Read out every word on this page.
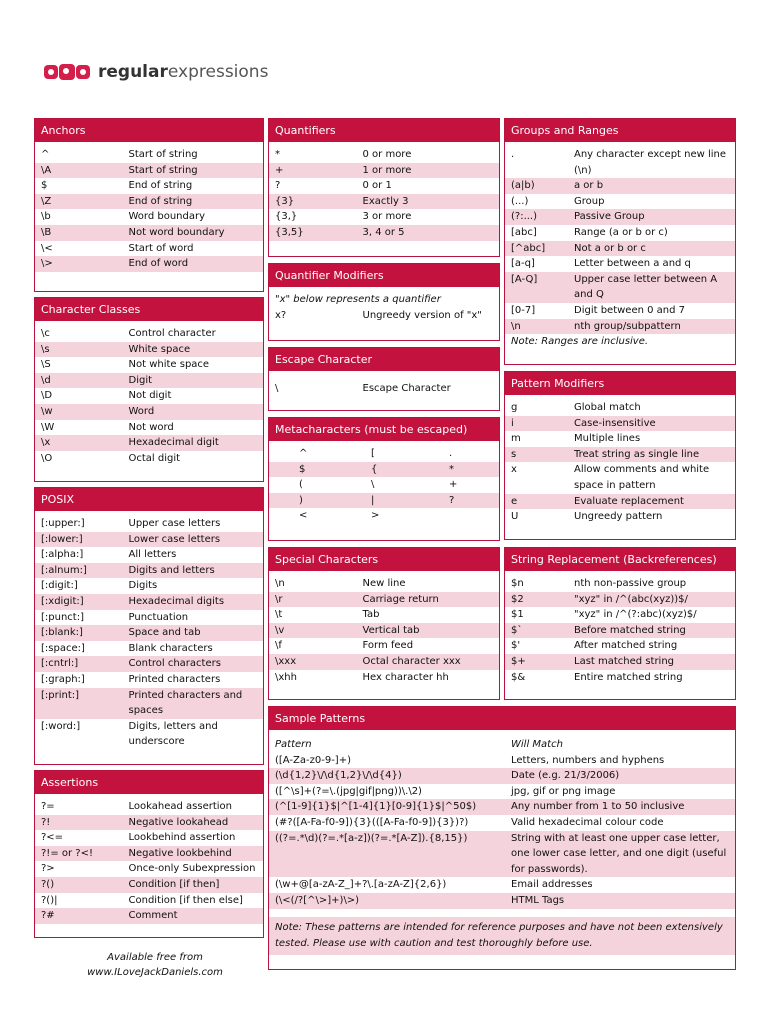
regularexpressions
Anchors
^	Start of string
\A	Start of string
$	End of string
\Z	End of string
\b	Word boundary
\B	Not word boundary
\<	Start of word
\>	End of word
Character Classes
\c	Control character
\s	White space
\S	Not white space
\d	Digit
\D	Not digit
\w	Word
\W	Not word
\x	Hexadecimal digit
\O	Octal digit
POSIX
[:upper:]	Upper case letters
[:lower:]	Lower case letters
[:alpha:]	All letters
[:alnum:]	Digits and letters
[:digit:]	Digits
[:xdigit:]	Hexadecimal digits
[:punct:]	Punctuation
[:blank:]	Space and tab
[:space:]	Blank characters
[:cntrl:]	Control characters
[:graph:]	Printed characters
[:print:]	Printed characters and spaces
[:word:]	Digits, letters and underscore
Assertions
?=	Lookahead assertion
?!	Negative lookahead
?<=	Lookbehind assertion
?!= or ?<!	Negative lookbehind
?>	Once-only Subexpression
?()	Condition [if then]
?()|	Condition [if then else]
?#	Comment
Available free from
www.ILoveJackDaniels.com
Quantifiers
*	0 or more
+	1 or more
?	0 or 1
{3}	Exactly 3
{3,}	3 or more
{3,5}	3, 4 or 5
Quantifier Modifiers
"x" below represents a quantifier
x?	Ungreedy version of "x"
Escape Character
\	Escape Character
Metacharacters (must be escaped)
^	[	.
$	{	*
(	\	+
)	|	?
<	>
Special Characters
\n	New line
\r	Carriage return
\t	Tab
\v	Vertical tab
\f	Form feed
\xxx	Octal character xxx
\xhh	Hex character hh
Groups and Ranges
.	Any character except new line (\n)
(a|b)	a or b
(...)	Group
(?:...)	Passive Group
[abc]	Range (a or b or c)
[^abc]	Not a or b or c
[a-q]	Letter between a and q
[A-Q]	Upper case letter between A and Q
[0-7]	Digit between 0 and 7
\n	nth group/subpattern
Note: Ranges are inclusive.
Pattern Modifiers
g	Global match
i	Case-insensitive
m	Multiple lines
s	Treat string as single line
x	Allow comments and white space in pattern
e	Evaluate replacement
U	Ungreedy pattern
String Replacement (Backreferences)
$n	nth non-passive group
$2	"xyz" in /^(abc(xyz))$/
$1	"xyz" in /^(?:abc)(xyz)$/
$`	Before matched string
$'	After matched string
$+	Last matched string
$&	Entire matched string
Sample Patterns
Pattern	Will Match
([A-Za-z0-9-]+)	Letters, numbers and hyphens
(\d{1,2}\/\d{1,2}\/\d{4})	Date (e.g. 21/3/2006)
([^\s]+(?=\.(jpg|gif|png))\.\2)	jpg, gif or png image
(^[1-9]{1}$|^[1-4]{1}[0-9]{1}$|^50$)	Any number from 1 to 50 inclusive
(#?([A-Fa-f0-9]){3}(([A-Fa-f0-9]){3})?)	Valid hexadecimal colour code
((?=.*\d)(?=.*[a-z])(?=.*[A-Z]).{8,15})	String with at least one upper case letter, one lower case letter, and one digit (useful for passwords).
(\w+@[a-zA-Z_]+?\.[a-zA-Z]{2,6})	Email addresses
(\<(/?[^\>]+)\>)	HTML Tags
Note: These patterns are intended for reference purposes and have not been extensively tested. Please use with caution and test thoroughly before use.
